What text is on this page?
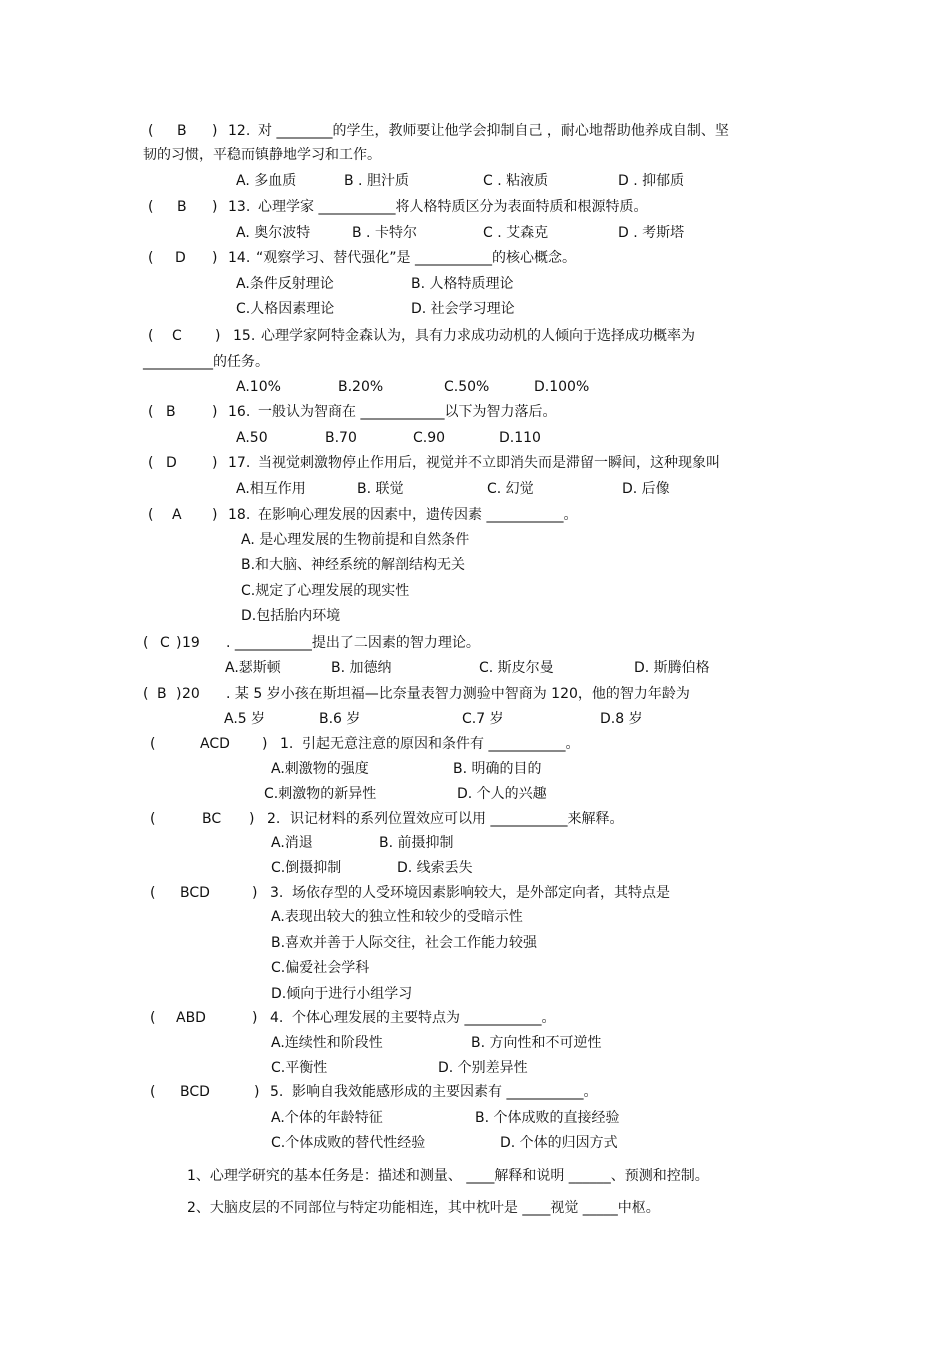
( B ) 12. 对 ________的学生，教师要让他学会抑制自己 ，耐心地帮助他养成自制、坚
韧的习惯，平稳而镇静地学习和工作。
A. 多血质	B . 胆汁质	C . 粘液质	D . 抑郁质
( B ) 13. 心理学家 ___________将人格特质区分为表面特质和根源特质。
A. 奥尔波特	B . 卡特尔	C . 艾森克	D . 考斯塔
( D ) 14. “观察学习、替代强化”是 ___________的核心概念。
A.条件反射理论	B. 人格特质理论
C.人格因素理论	D. 社会学习理论
( C ) 15. 心理学家阿特金森认为，具有力求成功动机的人倾向于选择成功概率为
__________的任务。
A.10%	B.20%	C.50%	D.100%
( B	) 16. 一般认为智商在 ____________以下为智力落后。
A.50	B.70	C.90	D.110
( D	) 17. 当视觉刺激物停止作用后，视觉并不立即消失而是滞留一瞬间，这种现象叫
A.相互作用	B. 联觉	C. 幻觉	D. 后像
( A ) 18. 在影响心理发展的因素中，遗传因素 ___________。
A. 是心理发展的生物前提和自然条件
B.和大脑、神经系统的解剖结构无关
C.规定了心理发展的现实性
D.包括胎内环境
( C ) 19 . ___________提出了二因素的智力理论。
A.瑟斯顿	B. 加德纳	C. 斯皮尔曼	D. 斯腾伯格
( B ) 20 . 某 5 岁小孩在斯坦福—比奈量表智力测验中智商为 120，他的智力年龄为
A.5 岁	B.6 岁	C.7 岁	D.8 岁
(	ACD ) 1. 引起无意注意的原因和条件有 ___________。
A.刺激物的强度	B. 明确的目的
C.刺激物的新异性	D. 个人的兴趣
(	BC ) 2. 识记材料的系列位置效应可以用 ___________来解释。
A.消退	B. 前摄抑制
C.倒摄抑制	D. 线索丢失
( BCD	) 3. 场依存型的人受环境因素影响较大，是外部定向者，其特点是
A.表现出较大的独立性和较少的受暗示性
B.喜欢并善于人际交往，社会工作能力较强
C.偏爱社会学科
D.倾向于进行小组学习
( ABD	) 4. 个体心理发展的主要特点为 ___________。
A.连续性和阶段性	B. 方向性和不可逆性
C.平衡性	D. 个别差异性
( BCD	) 5. 影响自我效能感形成的主要因素有 ___________。
A.个体的年龄特征	B. 个体成败的直接经验
C.个体成败的替代性经验	D. 个体的归因方式
1、心理学研究的基本任务是：描述和测量、 ____解释和说明 ______、预测和控制。
2、大脑皮层的不同部位与特定功能相连，其中枕叶是 ____视觉 _____中枢。
